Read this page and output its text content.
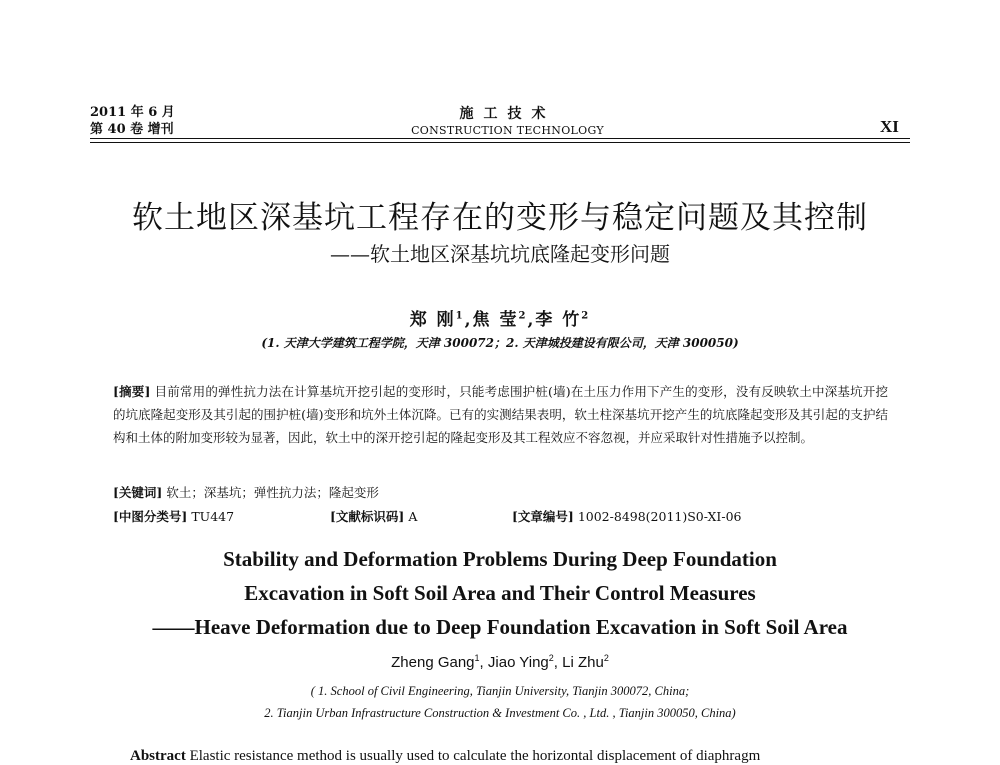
2011 年 6 月
第 40 卷 增刊
施工技术
CONSTRUCTION TECHNOLOGY	XI
软土地区深基坑工程存在的变形与稳定问题及其控制
——软土地区深基坑坑底隆起变形问题
郑 刚$^1$,焦 莹$^2$,李 竹$^2$
(1. 天津大学建筑工程学院，天津 300072；2. 天津城投建设有限公司，天津 300050)
[摘要] 目前常用的弹性抗力法在计算基坑开挖引起的变形时，只能考虑围护桩(墙)在土压力作用下产生的变形，没有反映软土中深基坑开挖的坑底隆起变形及其引起的围护桩(墙)变形和坑外土体沉降。已有的实测结果表明，软土柱深基坑开挖产生的坑底隆起变形及其引起的支护结构和土体的附加变形较为显著，因此，软土中的深开挖引起的隆起变形及其工程效应不容忽视，并应采取针对性措施予以控制。
[关键词] 软土；深基坑；弹性抗力法；隆起变形
[中图分类号] TU447	[文献标识码] A	[文章编号] 1002-8498(2011)S0-XI-06
Stability and Deformation Problems During Deep Foundation
Excavation in Soft Soil Area and Their Control Measures
——Heave Deformation due to Deep Foundation Excavation in Soft Soil Area
Zheng Gang$^1$, Jiao Ying$^2$, Li Zhu$^2$
( 1. School of Civil Engineering, Tianjin University, Tianjin 300072, China;
2. Tianjin Urban Infrastructure Construction & Investment Co. , Ltd. , Tianjin 300050, China)
Abstract Elastic resistance method is usually used to calculate the horizontal displacement of diaphragm
